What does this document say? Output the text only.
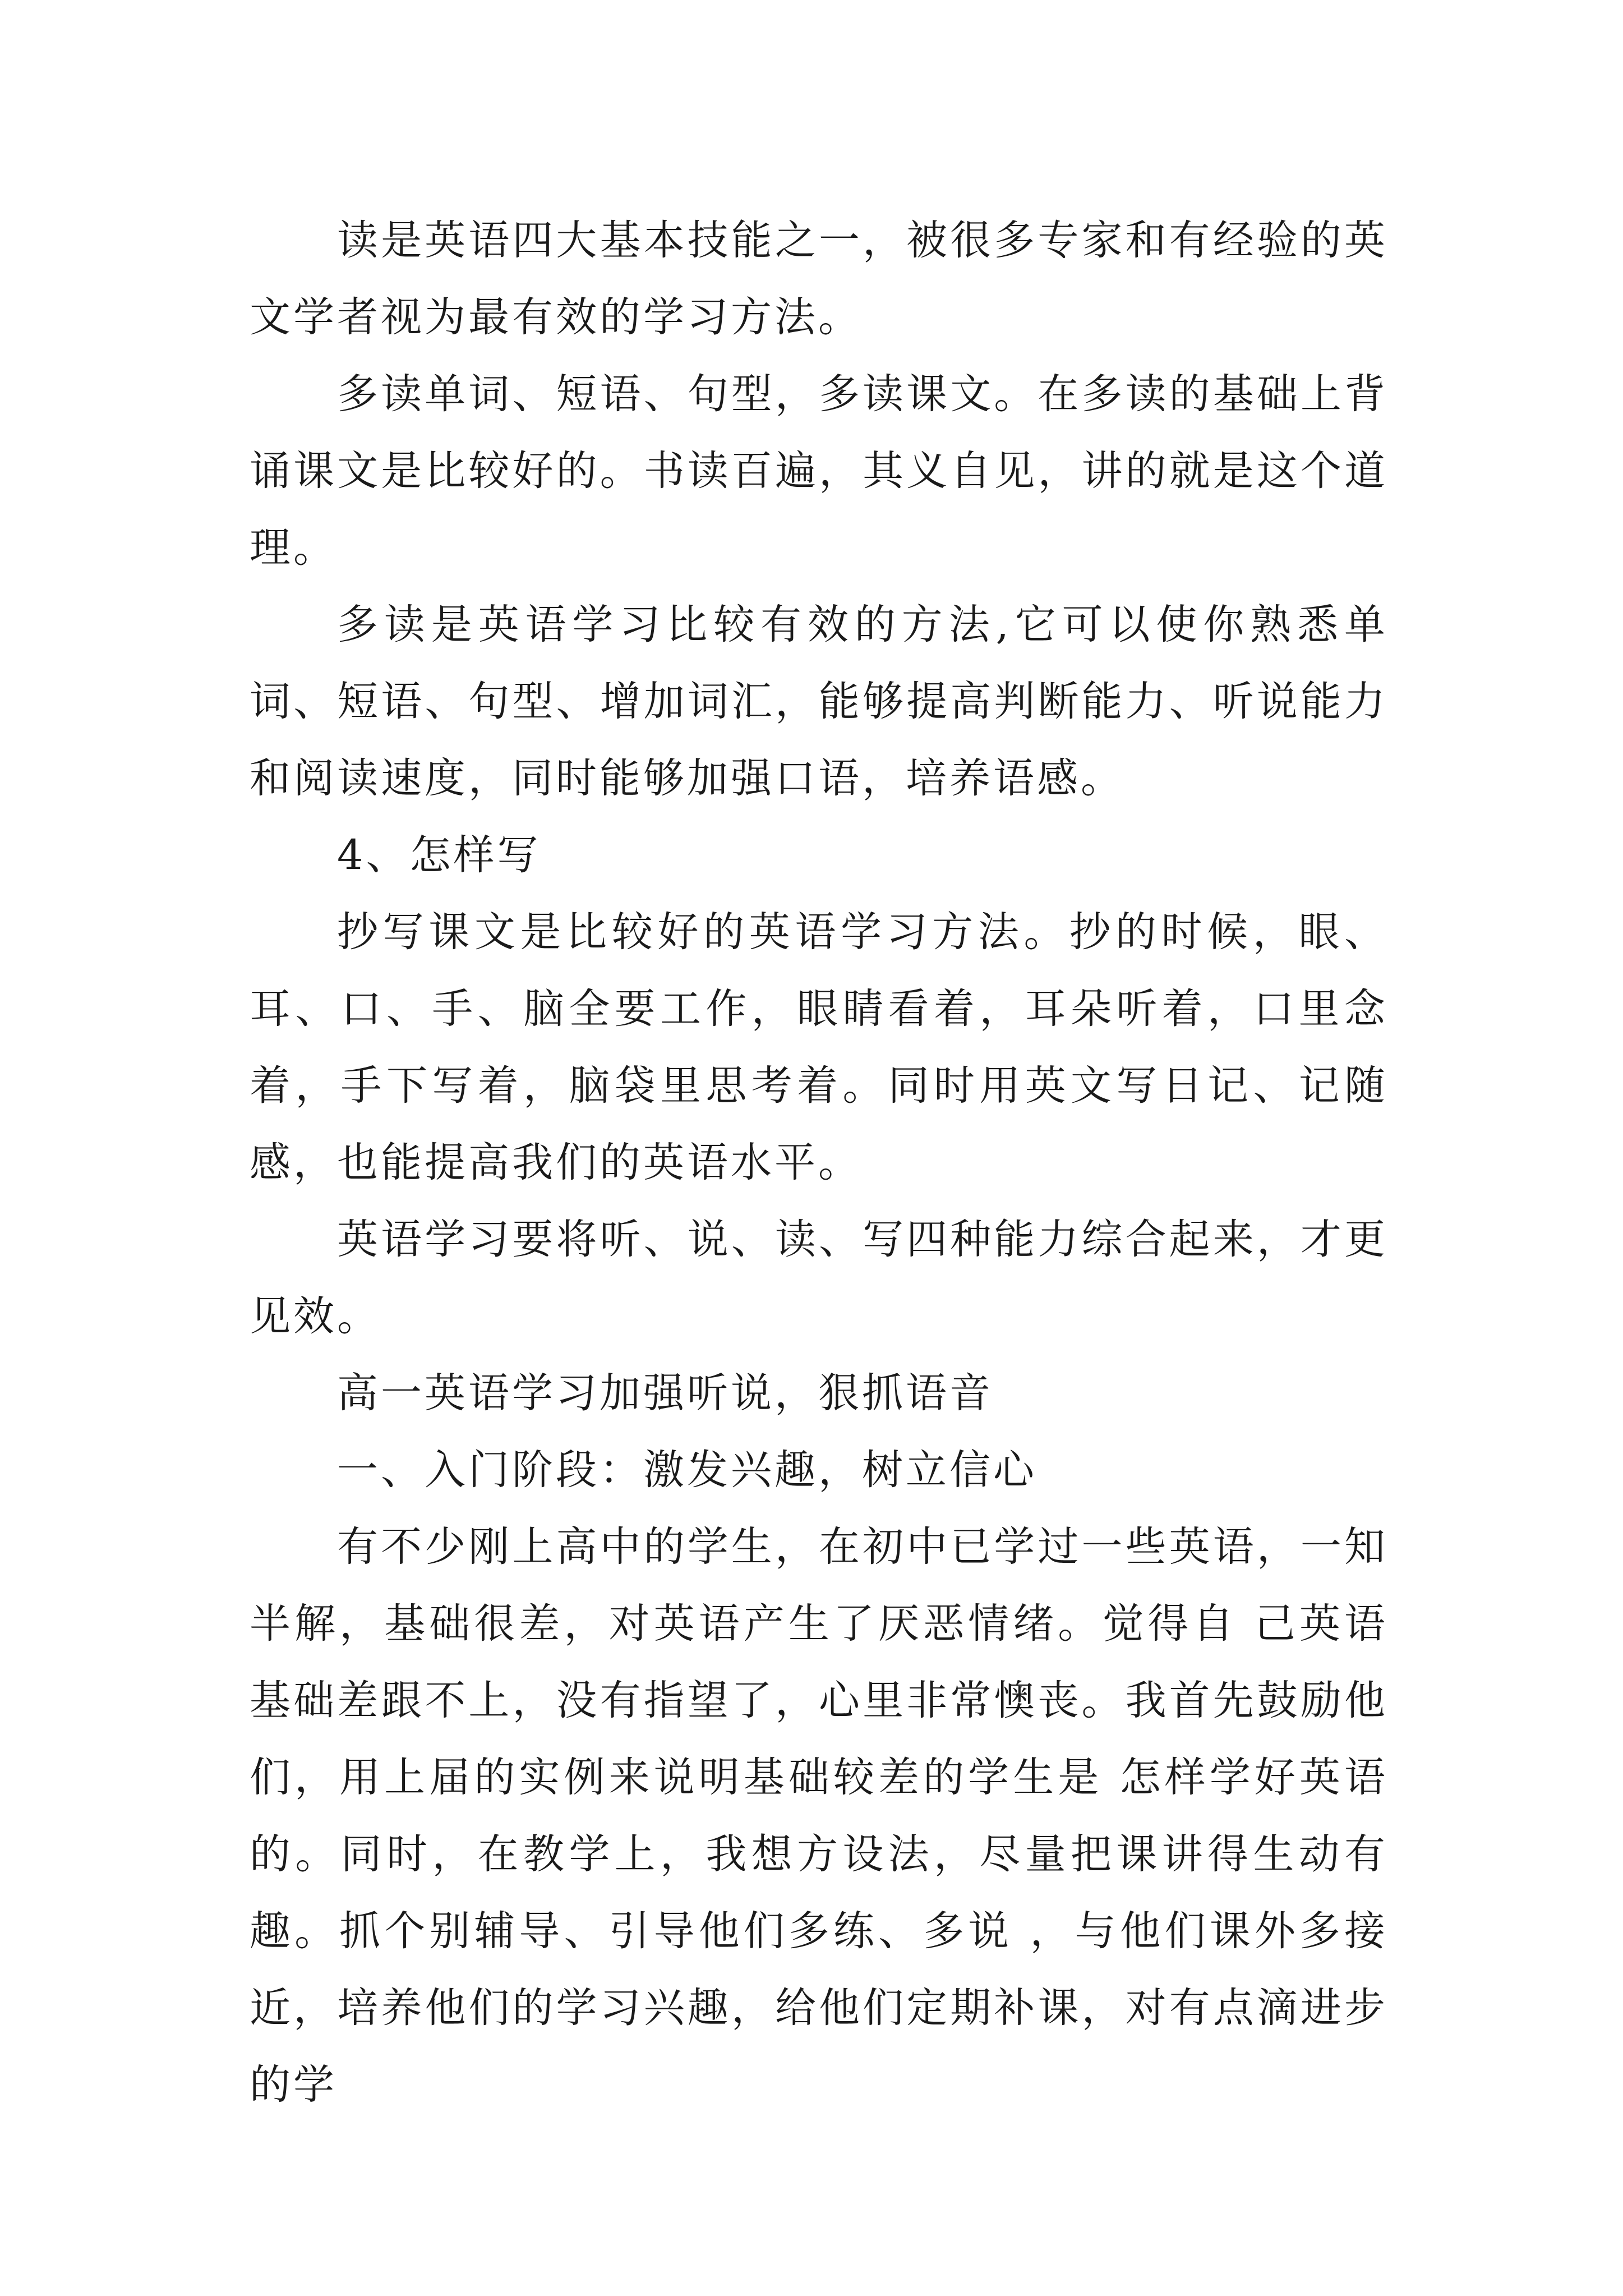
读是英语四大基本技能之一，被很多专家和有经验的英文学者视为最有效的学习方法。

多读单词、短语、句型，多读课文。在多读的基础上背诵课文是比较好的。书读百遍，其义自见，讲的就是这个道理。

多读是英语学习比较有效的方法,它可以使你熟悉单词、短语、句型、增加词汇，能够提高判断能力、听说能力和阅读速度，同时能够加强口语，培养语感。

4、怎样写

抄写课文是比较好的英语学习方法。抄的时候，眼、耳、口、手、脑全要工作，眼睛看着，耳朵听着，口里念着，手下写着，脑袋里思考着。同时用英文写日记、记随感，也能提高我们的英语水平。

英语学习要将听、说、读、写四种能力综合起来，才更见效。

高一英语学习加强听说，狠抓语音

一、入门阶段：激发兴趣，树立信心

有不少刚上高中的学生，在初中已学过一些英语，一知半解，基础很差，对英语产生了厌恶情绪。觉得自 己英语基础差跟不上，没有指望了，心里非常懊丧。我首先鼓励他们，用上届的实例来说明基础较差的学生是 怎样学好英语的。同时，在教学上，我想方设法，尽量把课讲得生动有趣。抓个别辅导、引导他们多练、多说 ，与他们课外多接近，培养他们的学习兴趣，给他们定期补课，对有点滴进步的学
